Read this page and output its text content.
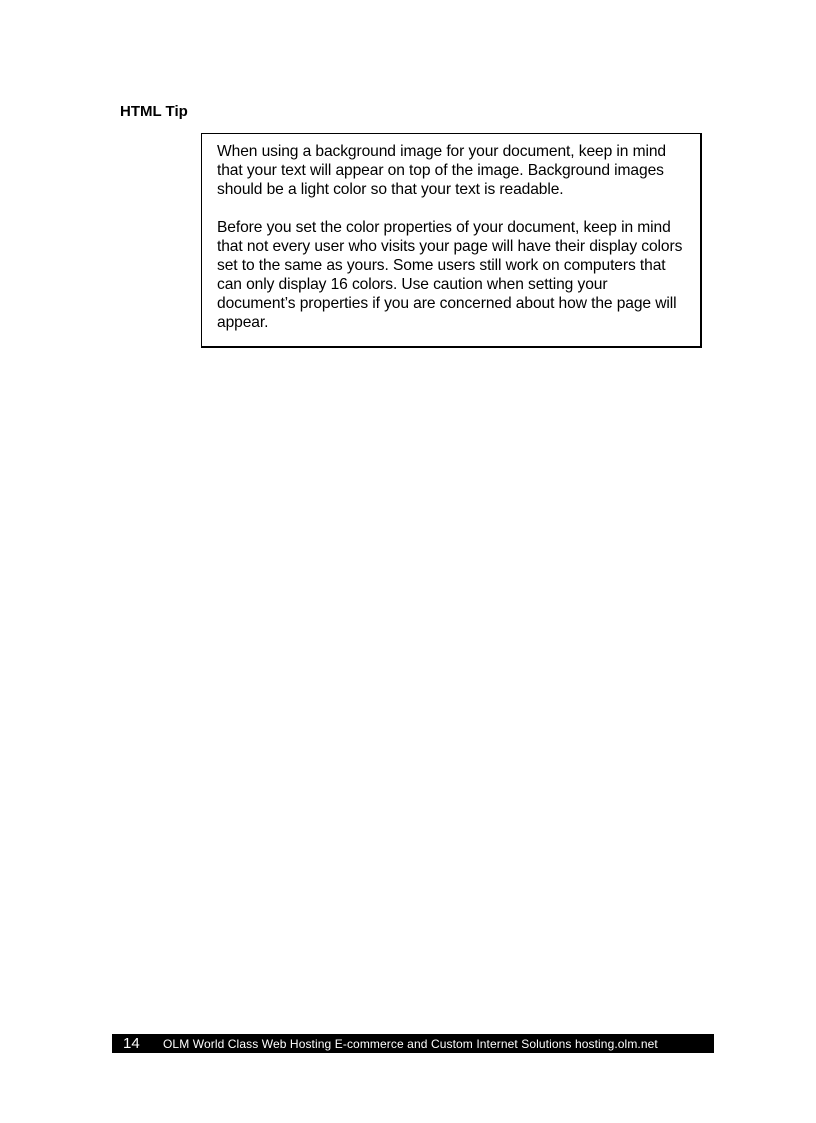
HTML Tip

When using a background image for your document, keep in mind that your text will appear on top of the image. Background images should be a light color so that your text is readable.

Before you set the color properties of your document, keep in mind that not every user who visits your page will have their display colors set to the same as yours. Some users still work on computers that can only display 16 colors. Use caution when setting your document’s properties if you are concerned about how the page will appear.

14	OLM World Class Web Hosting E-commerce and Custom Internet Solutions hosting.olm.net
